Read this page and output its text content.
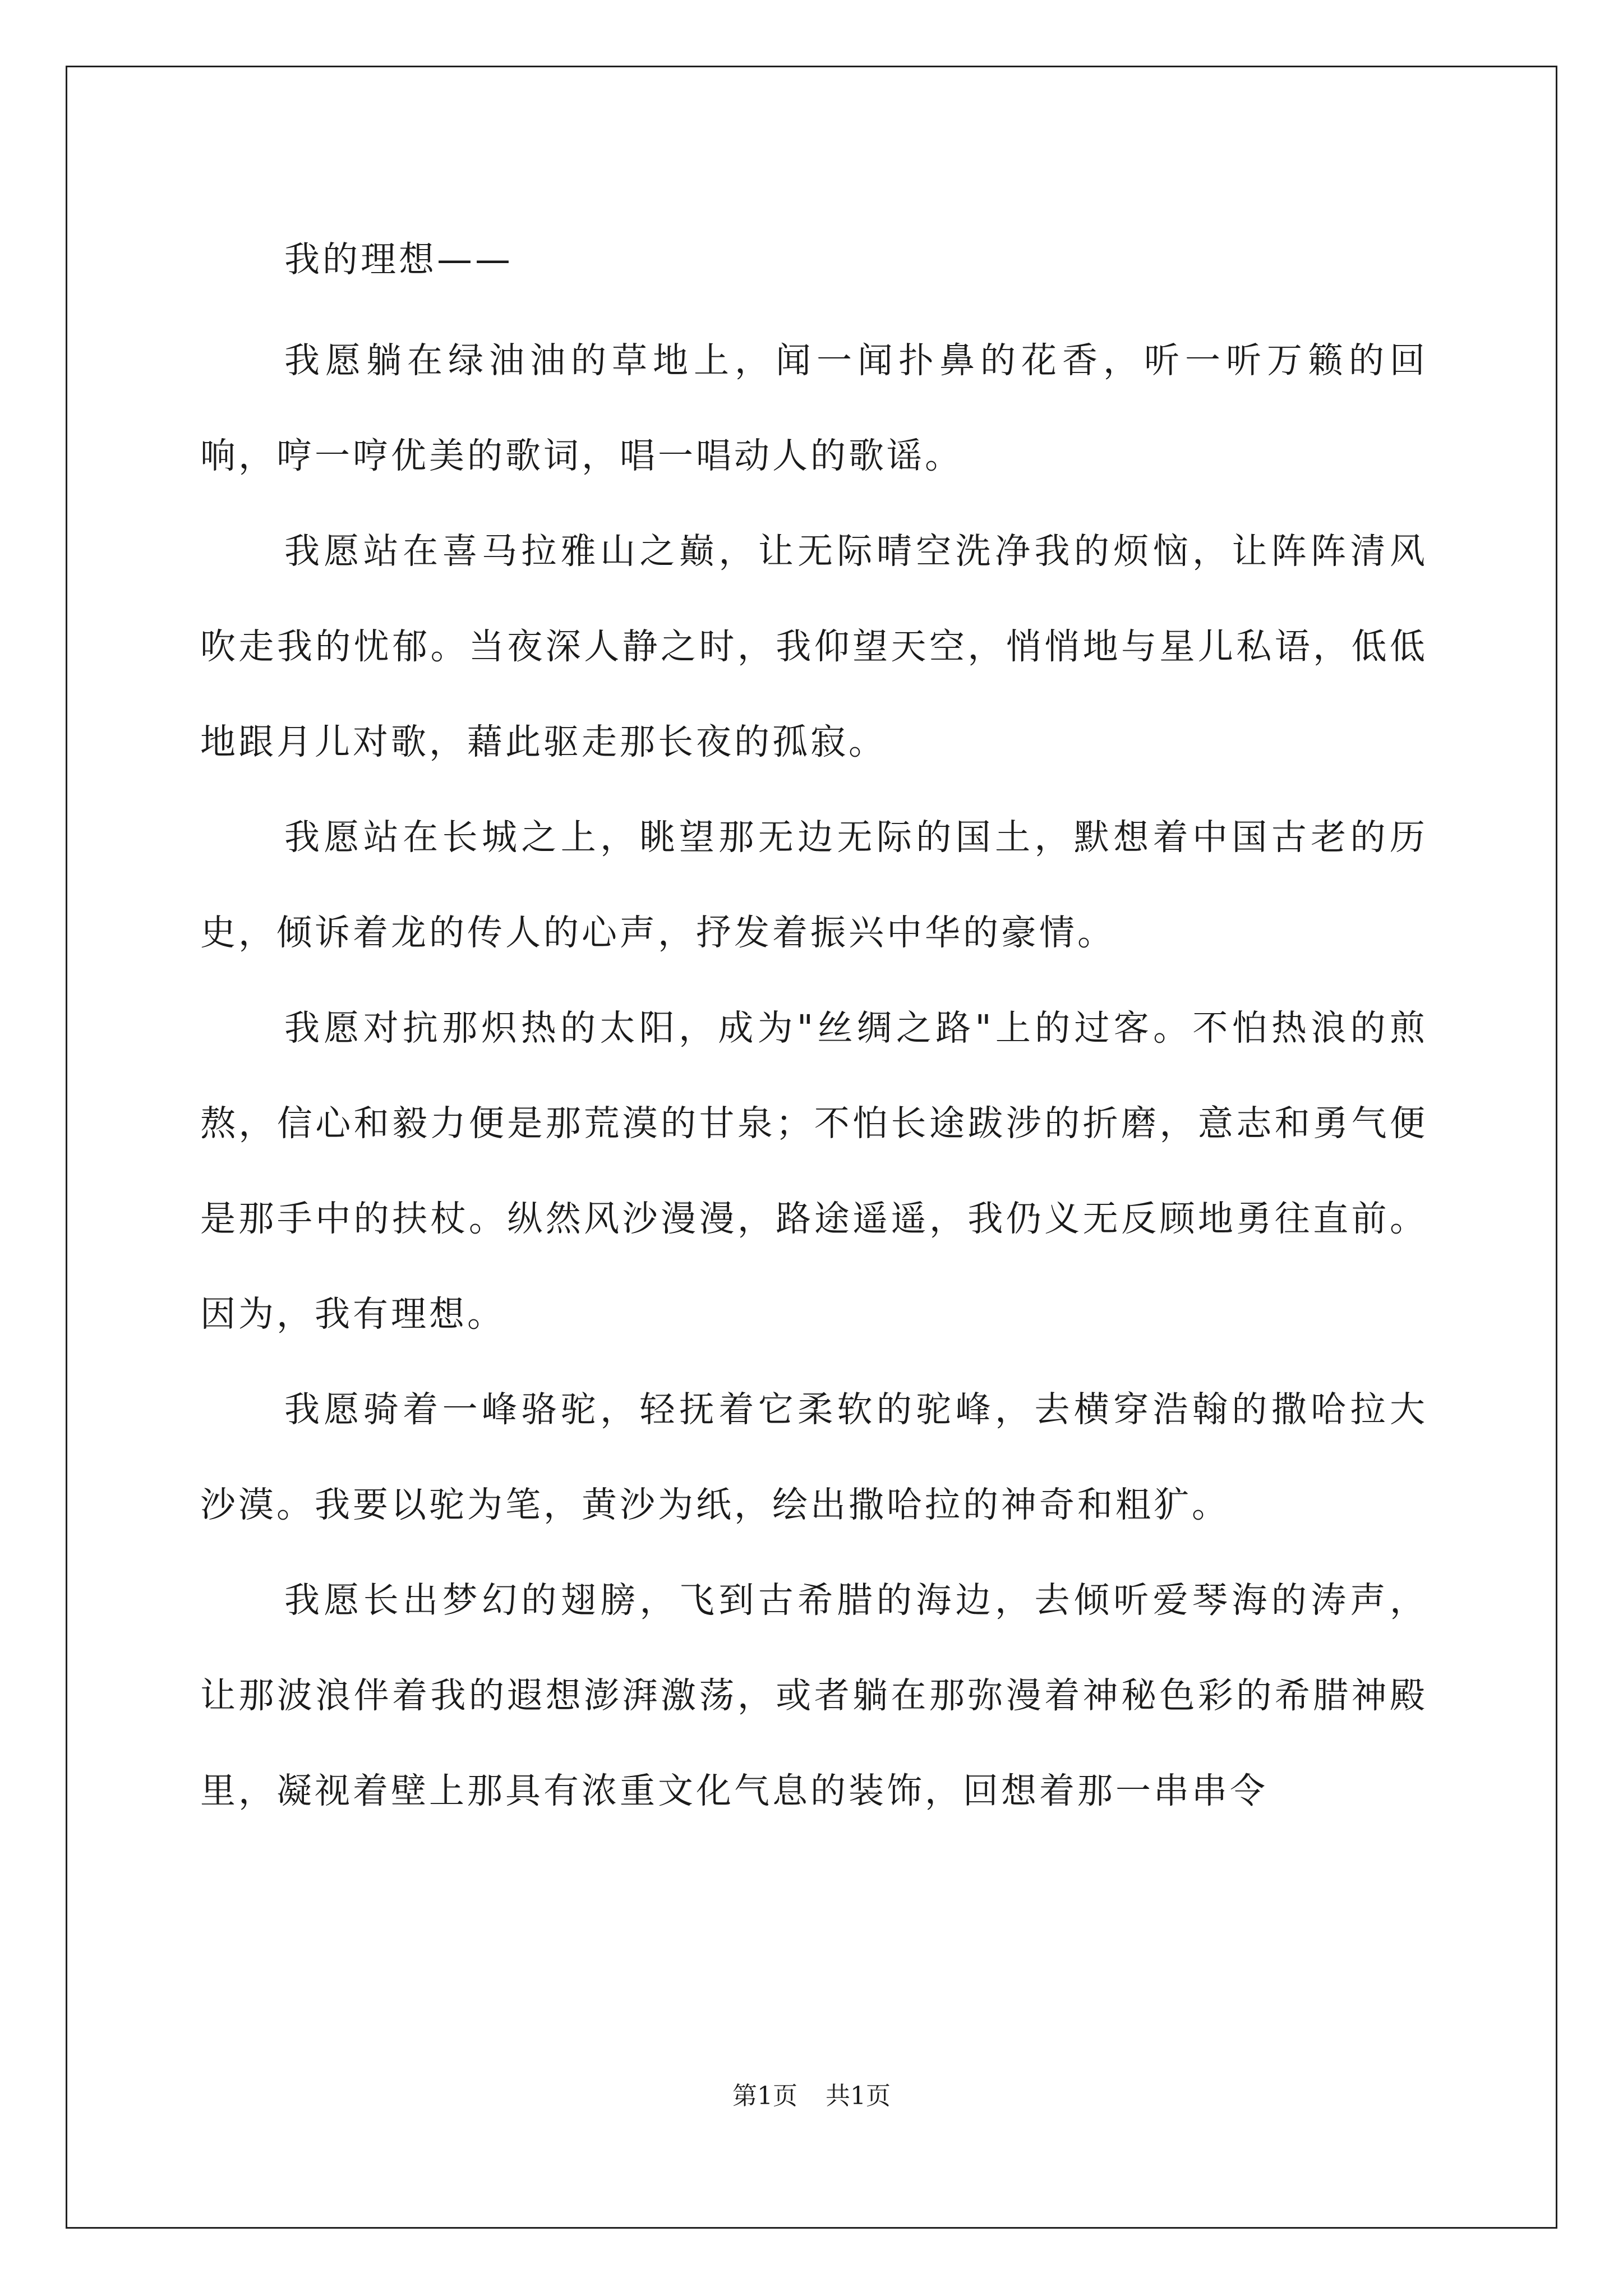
我的理想——

我愿躺在绿油油的草地上，闻一闻扑鼻的花香，听一听万籁的回响，哼一哼优美的歌词，唱一唱动人的歌谣。

我愿站在喜马拉雅山之巅，让无际晴空洗净我的烦恼，让阵阵清风吹走我的忧郁。当夜深人静之时，我仰望天空，悄悄地与星儿私语，低低地跟月儿对歌，藉此驱走那长夜的孤寂。

我愿站在长城之上，眺望那无边无际的国土，默想着中国古老的历史，倾诉着龙的传人的心声，抒发着振兴中华的豪情。

我愿对抗那炽热的太阳，成为"丝绸之路"上的过客。不怕热浪的煎熬，信心和毅力便是那荒漠的甘泉；不怕长途跋涉的折磨，意志和勇气便是那手中的扶杖。纵然风沙漫漫，路途遥遥，我仍义无反顾地勇往直前。因为，我有理想。

我愿骑着一峰骆驼，轻抚着它柔软的驼峰，去横穿浩翰的撒哈拉大沙漠。我要以驼为笔，黄沙为纸，绘出撒哈拉的神奇和粗犷。

我愿长出梦幻的翅膀，飞到古希腊的海边，去倾听爱琴海的涛声，让那波浪伴着我的遐想澎湃激荡，或者躺在那弥漫着神秘色彩的希腊神殿里，凝视着壁上那具有浓重文化气息的装饰，回想着那一串串令

第1页 共1页
